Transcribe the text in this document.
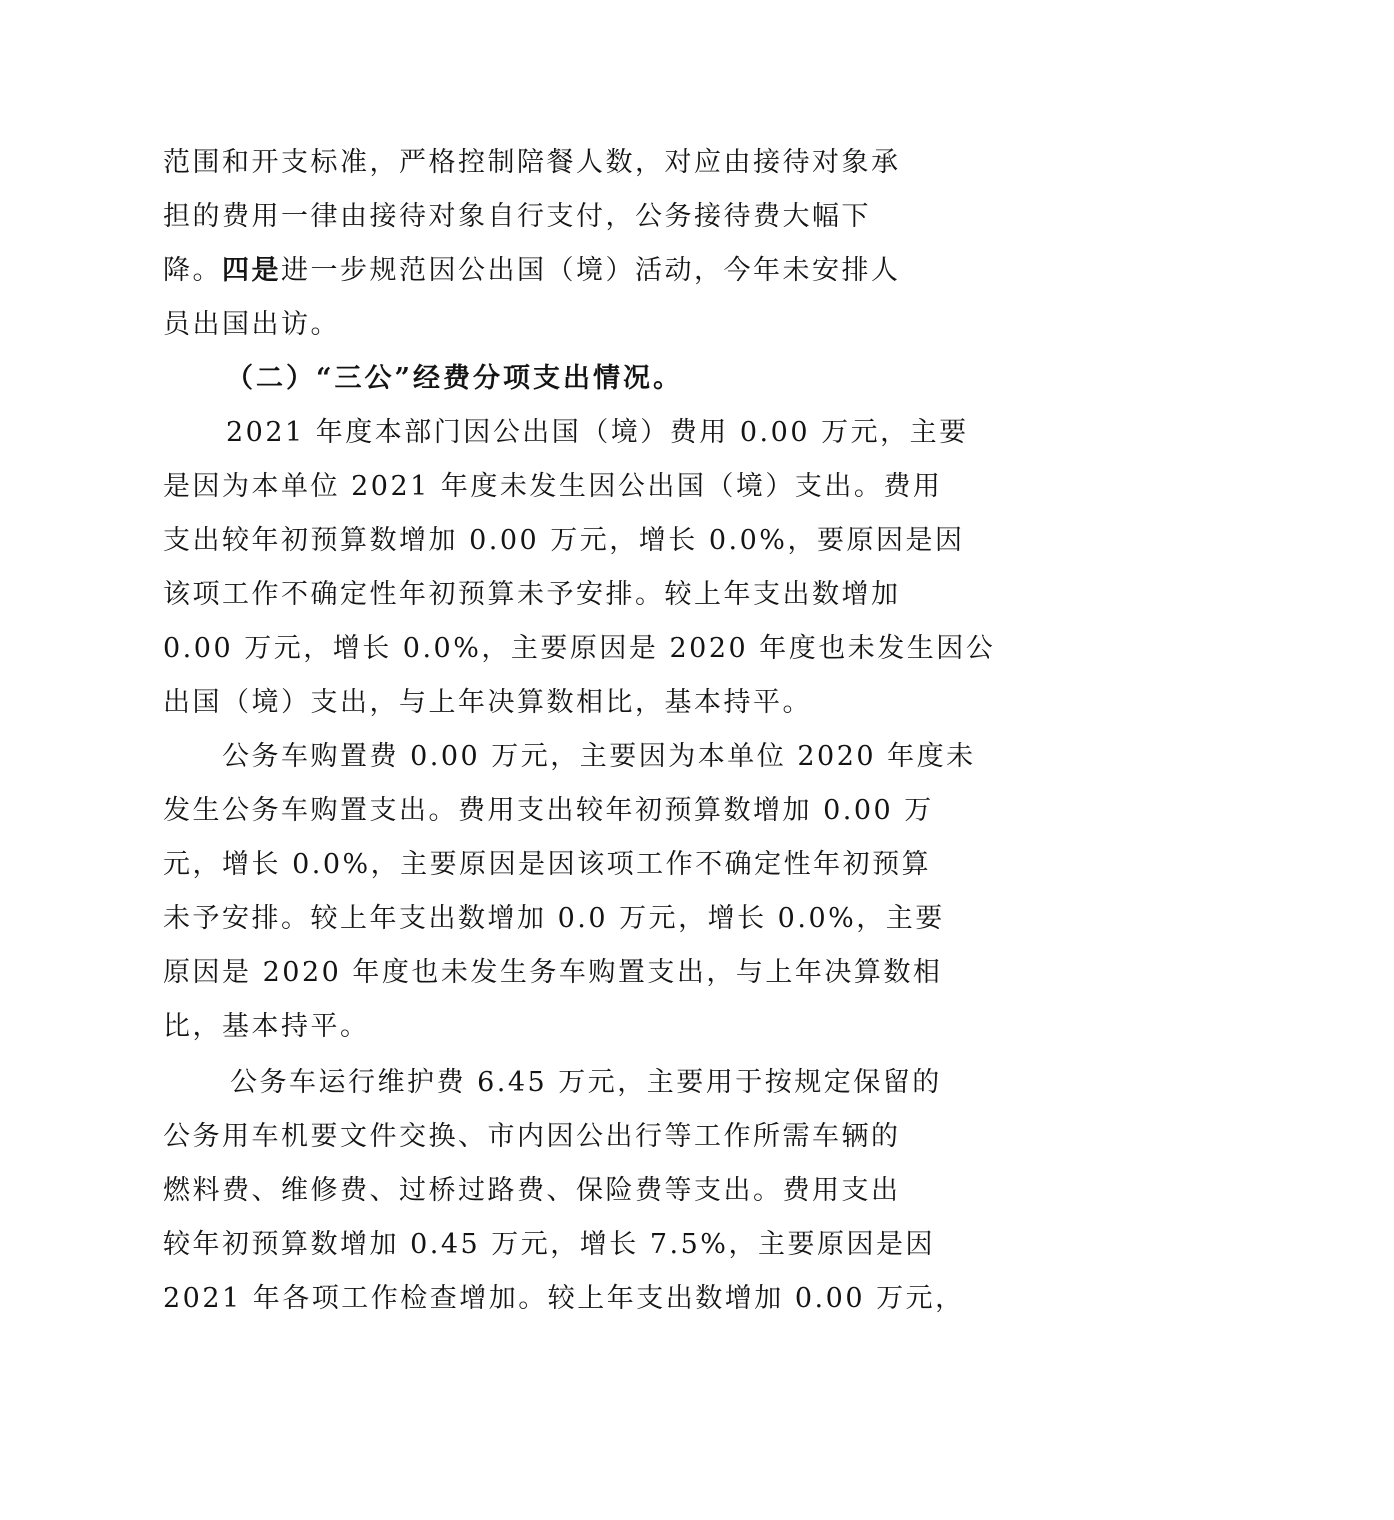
范围和开支标准，严格控制陪餐人数，对应由接待对象承
担的费用一律由接待对象自行支付，公务接待费大幅下
降。四是进一步规范因公出国（境）活动，今年未安排人
员出国出访。
（二）“三公”经费分项支出情况。
2021 年度本部门因公出国（境）费用 0.00 万元，主要
是因为本单位 2021 年度未发生因公出国（境）支出。费用
支出较年初预算数增加 0.00 万元，增长 0.0%，要原因是因
该项工作不确定性年初预算未予安排。较上年支出数增加
0.00 万元，增长 0.0%，主要原因是 2020 年度也未发生因公
出国（境）支出，与上年决算数相比，基本持平。
公务车购置费 0.00 万元，主要因为本单位 2020 年度未
发生公务车购置支出。费用支出较年初预算数增加 0.00 万
元，增长 0.0%，主要原因是因该项工作不确定性年初预算
未予安排。较上年支出数增加 0.0 万元，增长 0.0%，主要
原因是 2020 年度也未发生务车购置支出，与上年决算数相
比，基本持平。
公务车运行维护费 6.45 万元，主要用于按规定保留的
公务用车机要文件交换、市内因公出行等工作所需车辆的
燃料费、维修费、过桥过路费、保险费等支出。费用支出
较年初预算数增加 0.45 万元，增长 7.5%，主要原因是因
2021 年各项工作检查增加。较上年支出数增加 0.00 万元，
